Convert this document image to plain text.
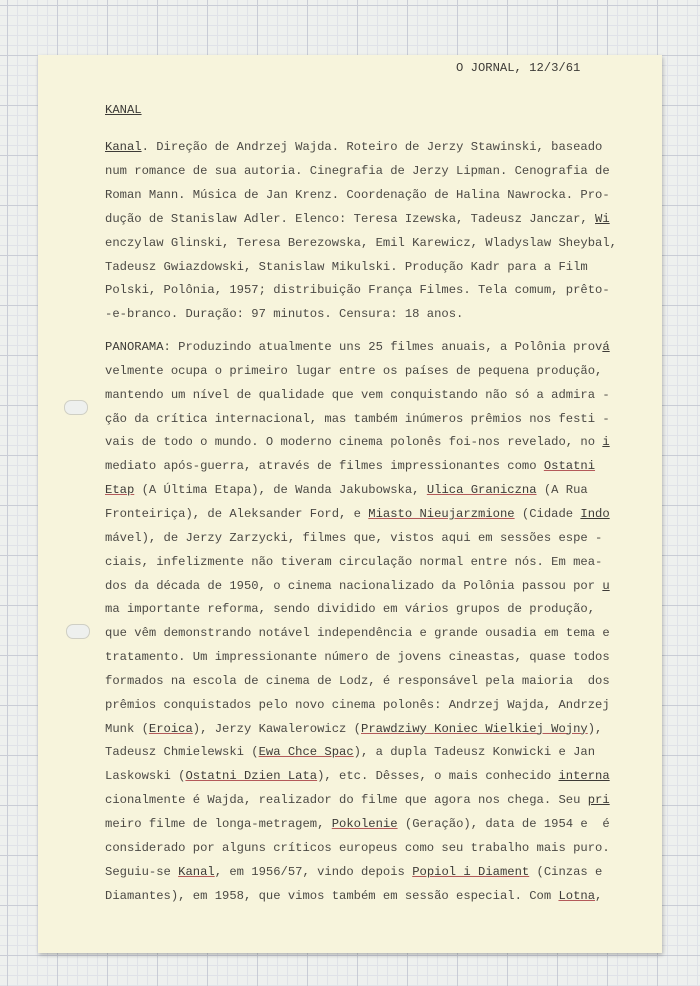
O JORNAL, 12/3/61
KANAL
Kanal. Direção de Andrzej Wajda. Roteiro de Jerzy Stawinski, baseado
num romance de sua autoria. Cinegrafia de Jerzy Lipman. Cenografia de
Roman Mann. Música de Jan Krenz. Coordenação de Halina Nawrocka. Pro-
dução de Stanislaw Adler. Elenco: Teresa Izewska, Tadeusz Janczar, Wi
enczylaw Glinski, Teresa Berezowska, Emil Karewicz, Wladyslaw Sheybal,
Tadeusz Gwiazdowski, Stanislaw Mikulski. Produção Kadr para a Film
Polski, Polônia, 1957; distribuição França Filmes. Tela comum, prêto-
-e-branco. Duração: 97 minutos. Censura: 18 anos.
PANORAMA: Produzindo atualmente uns 25 filmes anuais, a Polônia prová
velmente ocupa o primeiro lugar entre os países de pequena produção,
mantendo um nível de qualidade que vem conquistando não só a admira -
ção da crítica internacional, mas também inúmeros prêmios nos festi -
vais de todo o mundo. O moderno cinema polonês foi-nos revelado, no i
mediato após-guerra, através de filmes impressionantes como Ostatni
Etap (A Última Etapa), de Wanda Jakubowska, Ulica Graniczna (A Rua
Fronteiriça), de Aleksander Ford, e Miasto Nieujarzmione (Cidade Indo
mável), de Jerzy Zarzycki, filmes que, vistos aqui em sessões espe -
ciais, infelizmente não tiveram circulação normal entre nós. Em mea-
dos da década de 1950, o cinema nacionalizado da Polônia passou por u
ma importante reforma, sendo dividido em vários grupos de produção,
que vêm demonstrando notável independência e grande ousadia em tema e
tratamento. Um impressionante número de jovens cineastas, quase todos
formados na escola de cinema de Lodz, é responsável pela maioria  dos
prêmios conquistados pelo novo cinema polonês: Andrzej Wajda, Andrzej
Munk (Eroica), Jerzy Kawalerowicz (Prawdziwy Koniec Wielkiej Wojny),
Tadeusz Chmielewski (Ewa Chce Spac), a dupla Tadeusz Konwicki e Jan
Laskowski (Ostatni Dzien Lata), etc. Dêsses, o mais conhecido interna
cionalmente é Wajda, realizador do filme que agora nos chega. Seu pri
meiro filme de longa-metragem, Pokolenie (Geração), data de 1954 e  é
considerado por alguns críticos europeus como seu trabalho mais puro.
Seguiu-se Kanal, em 1956/57, vindo depois Popiol i Diament (Cinzas e
Diamantes), em 1958, que vimos também em sessão especial. Com Lotna,
